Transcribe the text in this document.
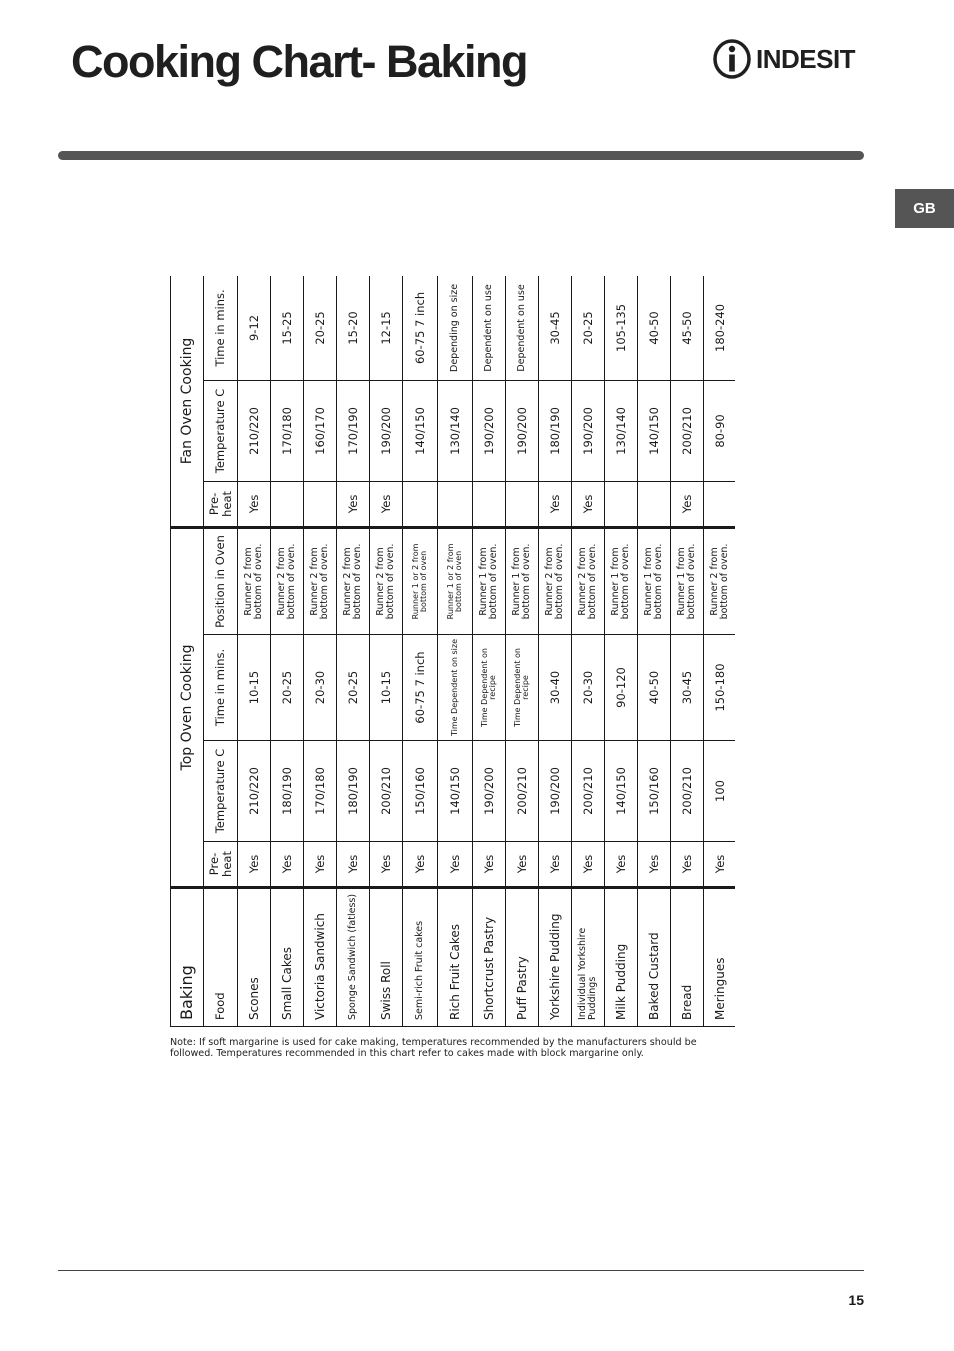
Cooking Chart- Baking	INDESIT
GB
Baking	Top Oven Cooking				Fan Oven Cooking		
Food	Pre-heat	Temperature C	Time in mins.	Position in Oven	Pre-heat	Temperature C	Time in mins.
Scones	Yes	210/220	10-15	Runner 2 from bottom of oven.	Yes	210/220	9-12
Small Cakes	Yes	180/190	20-25	Runner 2 from bottom of oven.		170/180	15-25
Victoria Sandwich	Yes	170/180	20-30	Runner 2 from bottom of oven.		160/170	20-25
Sponge Sandwich (fatless)	Yes	180/190	20-25	Runner 2 from bottom of oven.	Yes	170/190	15-20
Swiss Roll	Yes	200/210	10-15	Runner 2 from bottom of oven.	Yes	190/200	12-15
Semi-rich Fruit cakes	Yes	150/160	60-75 7 inch	Runner 1 or 2 from bottom of oven		140/150	60-75 7 inch
Rich Fruit Cakes	Yes	140/150	Time Dependent on size	Runner 1 or 2 from bottom of oven		130/140	Depending on size
Shortcrust Pastry	Yes	190/200	Time Dependent on recipe	Runner 1 from bottom of oven.		190/200	Dependent on use
Puff Pastry	Yes	200/210	Time Dependent on recipe	Runner 1 from bottom of oven.		190/200	Dependent on use
Yorkshire Pudding	Yes	190/200	30-40	Runner 2 from bottom of oven.	Yes	180/190	30-45
Individual Yorkshire Puddings	Yes	200/210	20-30	Runner 2 from bottom of oven.	Yes	190/200	20-25
Milk Pudding	Yes	140/150	90-120	Runner 1 from bottom of oven.		130/140	105-135
Baked Custard	Yes	150/160	40-50	Runner 1 from bottom of oven.		140/150	40-50
Bread	Yes	200/210	30-45	Runner 1 from bottom of oven.	Yes	200/210	45-50
Meringues	Yes	100	150-180	Runner 2 from bottom of oven.		80-90	180-240

Note: If soft margarine is used for cake making, temperatures recommended by the manufacturers should be followed. Temperatures recommended in this chart refer to cakes made with block margarine only.

15
